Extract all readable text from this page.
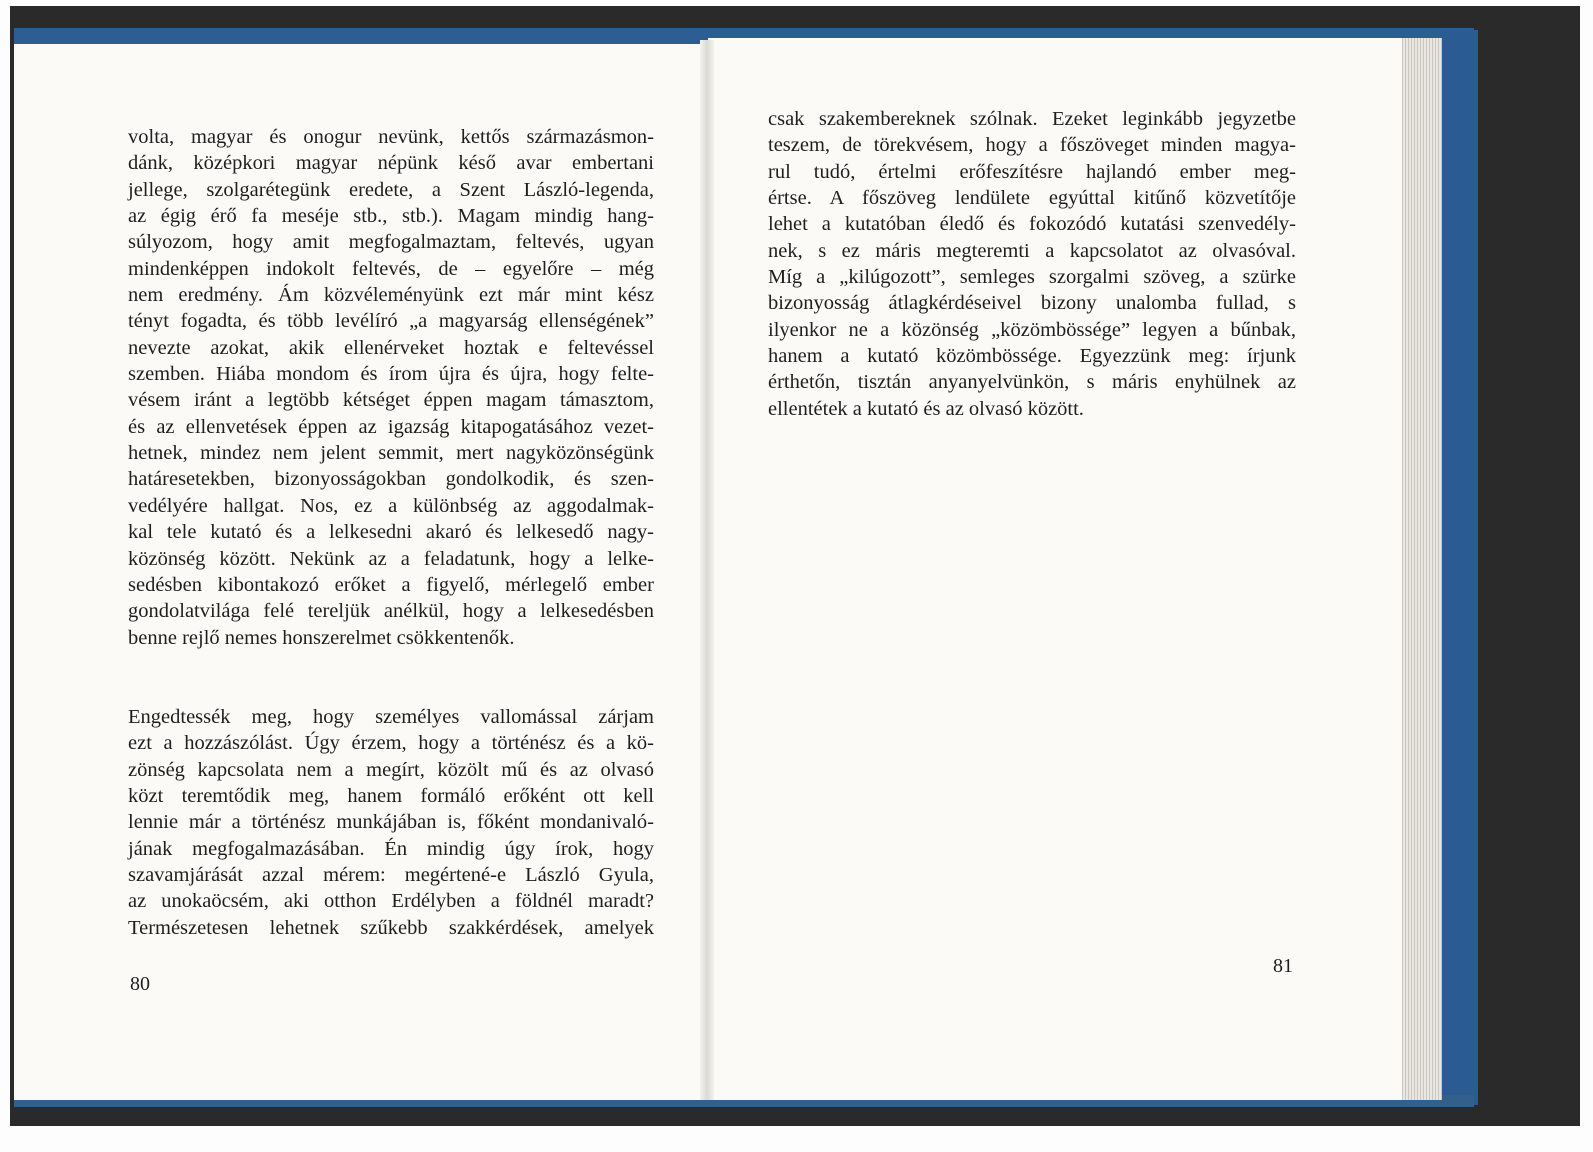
volta, magyar és onogur nevünk, kettős származásmon-
dánk, középkori magyar népünk késő avar embertani
jellege, szolgarétegünk eredete, a Szent László-legenda,
az égig érő fa meséje stb., stb.). Magam mindig hang-
súlyozom, hogy amit megfogalmaztam, feltevés, ugyan
mindenképpen indokolt feltevés, de – egyelőre – még
nem eredmény. Ám közvéleményünk ezt már mint kész
tényt fogadta, és több levélíró „a magyarság ellenségének”
nevezte azokat, akik ellenérveket hoztak e feltevéssel
szemben. Hiába mondom és írom újra és újra, hogy felte-
vésem iránt a legtöbb kétséget éppen magam támasztom,
és az ellenvetések éppen az igazság kitapogatásához vezet-
hetnek, mindez nem jelent semmit, mert nagyközönségünk
határesetekben, bizonyosságokban gondolkodik, és szen-
vedélyére hallgat. Nos, ez a különbség az aggodalmak-
kal tele kutató és a lelkesedni akaró és lelkesedő nagy-
közönség között. Nekünk az a feladatunk, hogy a lelke-
sedésben kibontakozó erőket a figyelő, mérlegelő ember
gondolatvilága felé tereljük anélkül, hogy a lelkesedésben
benne rejlő nemes honszerelmet csökkentenők.
Engedtessék meg, hogy személyes vallomással zárjam
ezt a hozzászólást. Úgy érzem, hogy a történész és a kö-
zönség kapcsolata nem a megírt, közölt mű és az olvasó
közt teremtődik meg, hanem formáló erőként ott kell
lennie már a történész munkájában is, főként mondanivaló-
jának megfogalmazásában. Én mindig úgy írok, hogy
szavamjárását azzal mérem: megértené-e László Gyula,
az unokaöcsém, aki otthon Erdélyben a földnél maradt?
Természetesen lehetnek szűkebb szakkérdések, amelyek
csak szakembereknek szólnak. Ezeket leginkább jegyzetbe
teszem, de törekvésem, hogy a főszöveget minden magya-
rul tudó, értelmi erőfeszítésre hajlandó ember meg-
értse. A főszöveg lendülete egyúttal kitűnő közvetítője
lehet a kutatóban éledő és fokozódó kutatási szenvedély-
nek, s ez máris megteremti a kapcsolatot az olvasóval.
Míg a „kilúgozott”, semleges szorgalmi szöveg, a szürke
bizonyosság átlagkérdéseivel bizony unalomba fullad, s
ilyenkor ne a közönség „közömbössége” legyen a bűnbak,
hanem a kutató közömbössége. Egyezzünk meg: írjunk
érthetőn, tisztán anyanyelvünkön, s máris enyhülnek az
ellentétek a kutató és az olvasó között.
80
81
